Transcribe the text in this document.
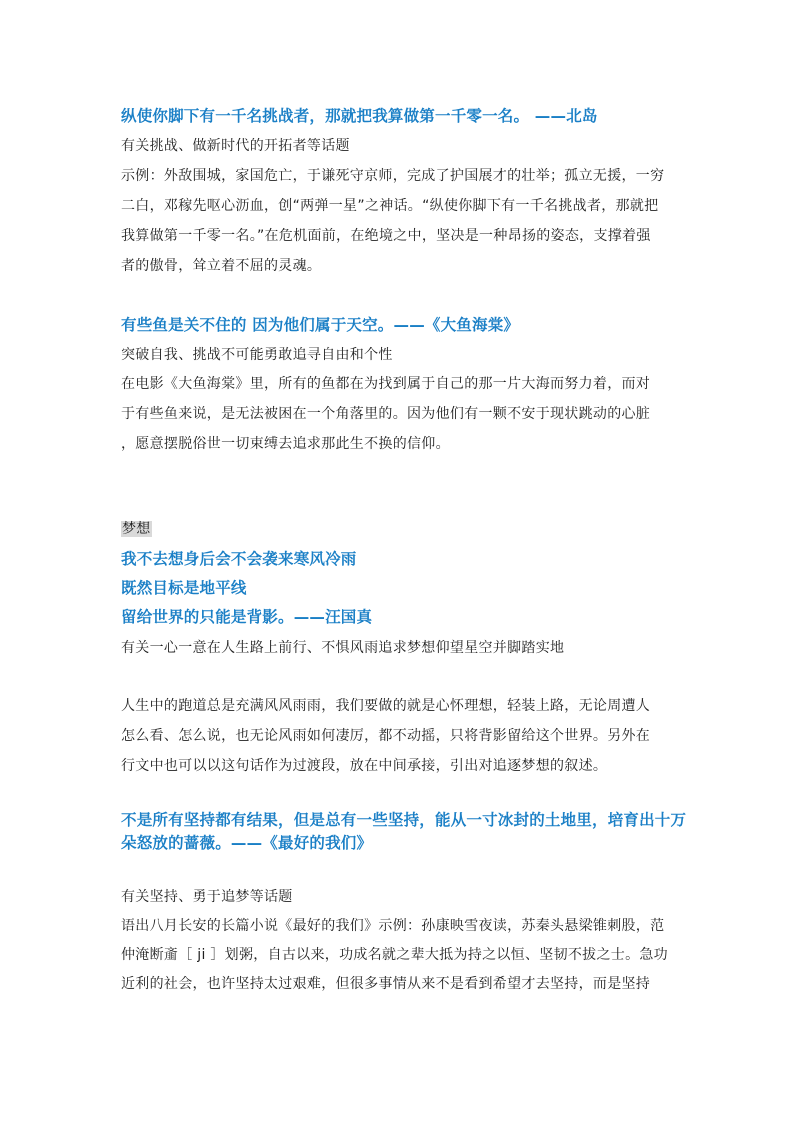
纵使你脚下有一千名挑战者，那就把我算做第一千零一名。 ——北岛

有关挑战、做新时代的开拓者等话题

示例：外敌围城，家国危亡，于谦死守京师，完成了护国展才的壮举；孤立无援，一穷

二白，邓稼先呕心沥血，创“两弹一星”之神话。“纵使你脚下有一千名挑战者，那就把

我算做第一千零一名。”在危机面前，在绝境之中，坚决是一种昂扬的姿态，支撑着强

者的傲骨，耸立着不屈的灵魂。

有些鱼是关不住的 因为他们属于天空。——《大鱼海棠》

突破自我、挑战不可能勇敢追寻自由和个性

在电影《大鱼海棠》里，所有的鱼都在为找到属于自己的那一片大海而努力着，而对

于有些鱼来说，是无法被困在一个角落里的。因为他们有一颗不安于现状跳动的心脏

，愿意摆脱俗世一切束缚去追求那此生不换的信仰。

梦想

我不去想身后会不会袭来寒风冷雨

既然目标是地平线

留给世界的只能是背影。——汪国真

有关一心一意在人生路上前行、不惧风雨追求梦想仰望星空并脚踏实地

人生中的跑道总是充满风风雨雨，我们要做的就是心怀理想，轻装上路，无论周遭人

怎么看、怎么说，也无论风雨如何凄厉，都不动摇，只将背影留给这个世界。另外在

行文中也可以以这句话作为过渡段，放在中间承接，引出对追逐梦想的叙述。

不是所有坚持都有结果，但是总有一些坚持，能从一寸冰封的土地里，培育出十万

朵怒放的蔷薇。——《最好的我们》

有关坚持、勇于追梦等话题

语出八月长安的长篇小说《最好的我们》示例：孙康映雪夜读，苏秦头悬梁锥刺股，范

仲淹断齑［ ji ］划粥，自古以来，功成名就之辈大抵为持之以恒、坚韧不拔之士。急功

近利的社会，也许坚持太过艰难，但很多事情从来不是看到希望才去坚持，而是坚持
